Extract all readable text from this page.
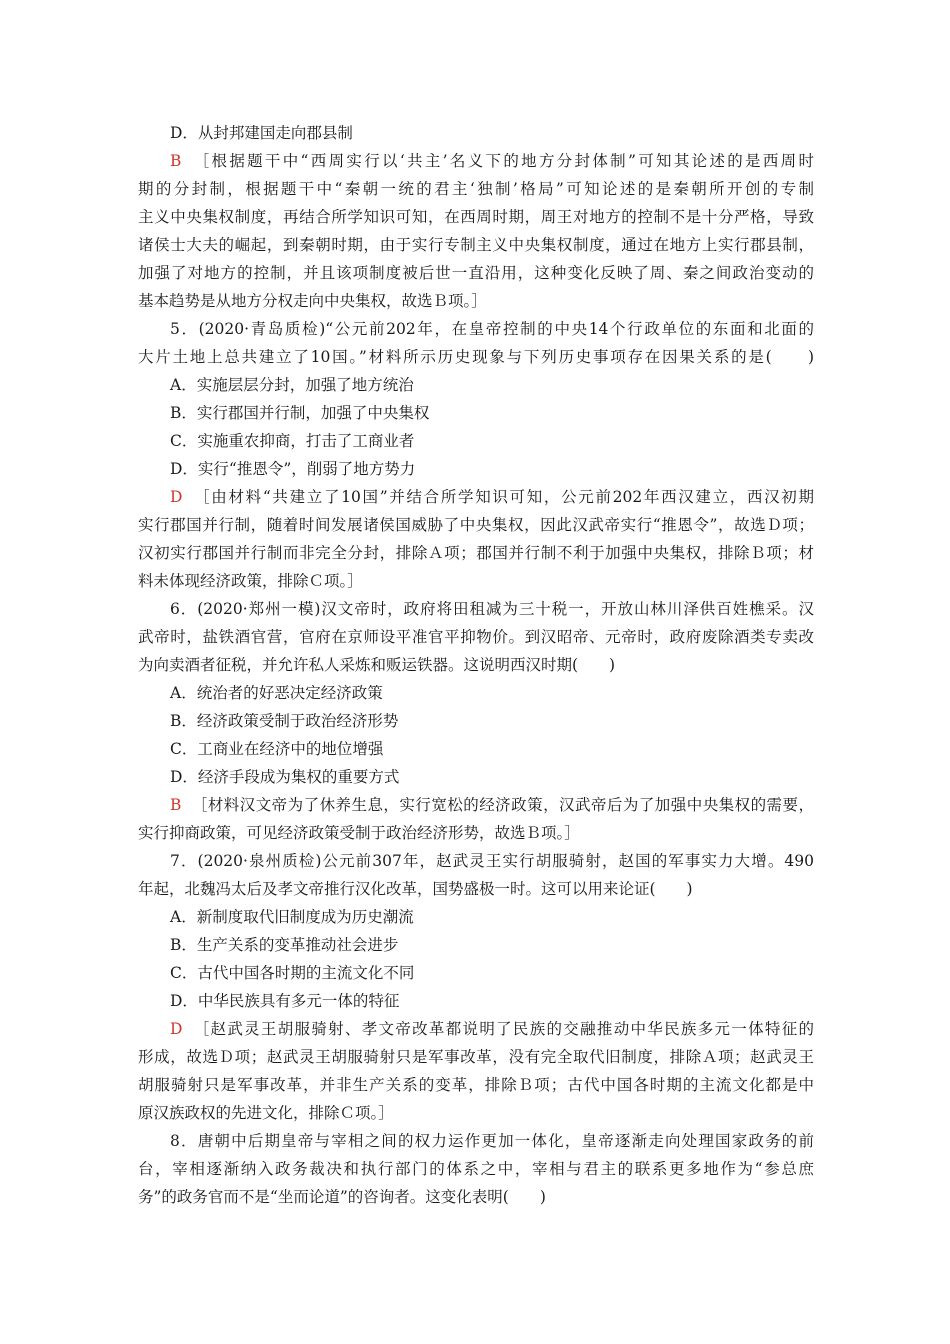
D．从封邦建国走向郡县制
B ［根据题干中“西周实行以‘共主’名义下的地方分封体制”可知其论述的是西周时
期的分封制，根据题干中“秦朝一统的君主‘独制’格局”可知论述的是秦朝所开创的专制
主义中央集权制度，再结合所学知识可知，在西周时期，周王对地方的控制不是十分严格，导致
诸侯士大夫的崛起，到秦朝时期，由于实行专制主义中央集权制度，通过在地方上实行郡县制，
加强了对地方的控制，并且该项制度被后世一直沿用，这种变化反映了周、秦之间政治变动的
基本趋势是从地方分权走向中央集权，故选Ｂ项。］
5．(2020·青岛质检)“公元前202年，在皇帝控制的中央14个行政单位的东面和北面的
大片土地上总共建立了10国。”材料所示历史现象与下列历史事项存在因果关系的是(　　)
A．实施层层分封，加强了地方统治
B．实行郡国并行制，加强了中央集权
C．实施重农抑商，打击了工商业者
D．实行“推恩令”，削弱了地方势力
D ［由材料“共建立了10国”并结合所学知识可知，公元前202年西汉建立，西汉初期
实行郡国并行制，随着时间发展诸侯国威胁了中央集权，因此汉武帝实行“推恩令”，故选Ｄ项；
汉初实行郡国并行制而非完全分封，排除Ａ项；郡国并行制不利于加强中央集权，排除Ｂ项；材
料未体现经济政策，排除Ｃ项。］
6．(2020·郑州一模)汉文帝时，政府将田租减为三十税一，开放山林川泽供百姓樵采。汉
武帝时，盐铁酒官营，官府在京师设平准官平抑物价。到汉昭帝、元帝时，政府废除酒类专卖改
为向卖酒者征税，并允许私人采炼和贩运铁器。这说明西汉时期(　　)
A．统治者的好恶决定经济政策
B．经济政策受制于政治经济形势
C．工商业在经济中的地位增强
D．经济手段成为集权的重要方式
B ［材料汉文帝为了休养生息，实行宽松的经济政策，汉武帝后为了加强中央集权的需要，
实行抑商政策，可见经济政策受制于政治经济形势，故选Ｂ项。］
7．(2020·泉州质检)公元前307年，赵武灵王实行胡服骑射，赵国的军事实力大增。490
年起，北魏冯太后及孝文帝推行汉化改革，国势盛极一时。这可以用来论证(　　)
A．新制度取代旧制度成为历史潮流
B．生产关系的变革推动社会进步
C．古代中国各时期的主流文化不同
D．中华民族具有多元一体的特征
D ［赵武灵王胡服骑射、孝文帝改革都说明了民族的交融推动中华民族多元一体特征的
形成，故选Ｄ项；赵武灵王胡服骑射只是军事改革，没有完全取代旧制度，排除Ａ项；赵武灵王
胡服骑射只是军事改革，并非生产关系的变革，排除Ｂ项；古代中国各时期的主流文化都是中
原汉族政权的先进文化，排除Ｃ项。］
8．唐朝中后期皇帝与宰相之间的权力运作更加一体化，皇帝逐渐走向处理国家政务的前
台，宰相逐渐纳入政务裁决和执行部门的体系之中，宰相与君主的联系更多地作为“参总庶
务”的政务官而不是“坐而论道”的咨询者。这变化表明(　　)
